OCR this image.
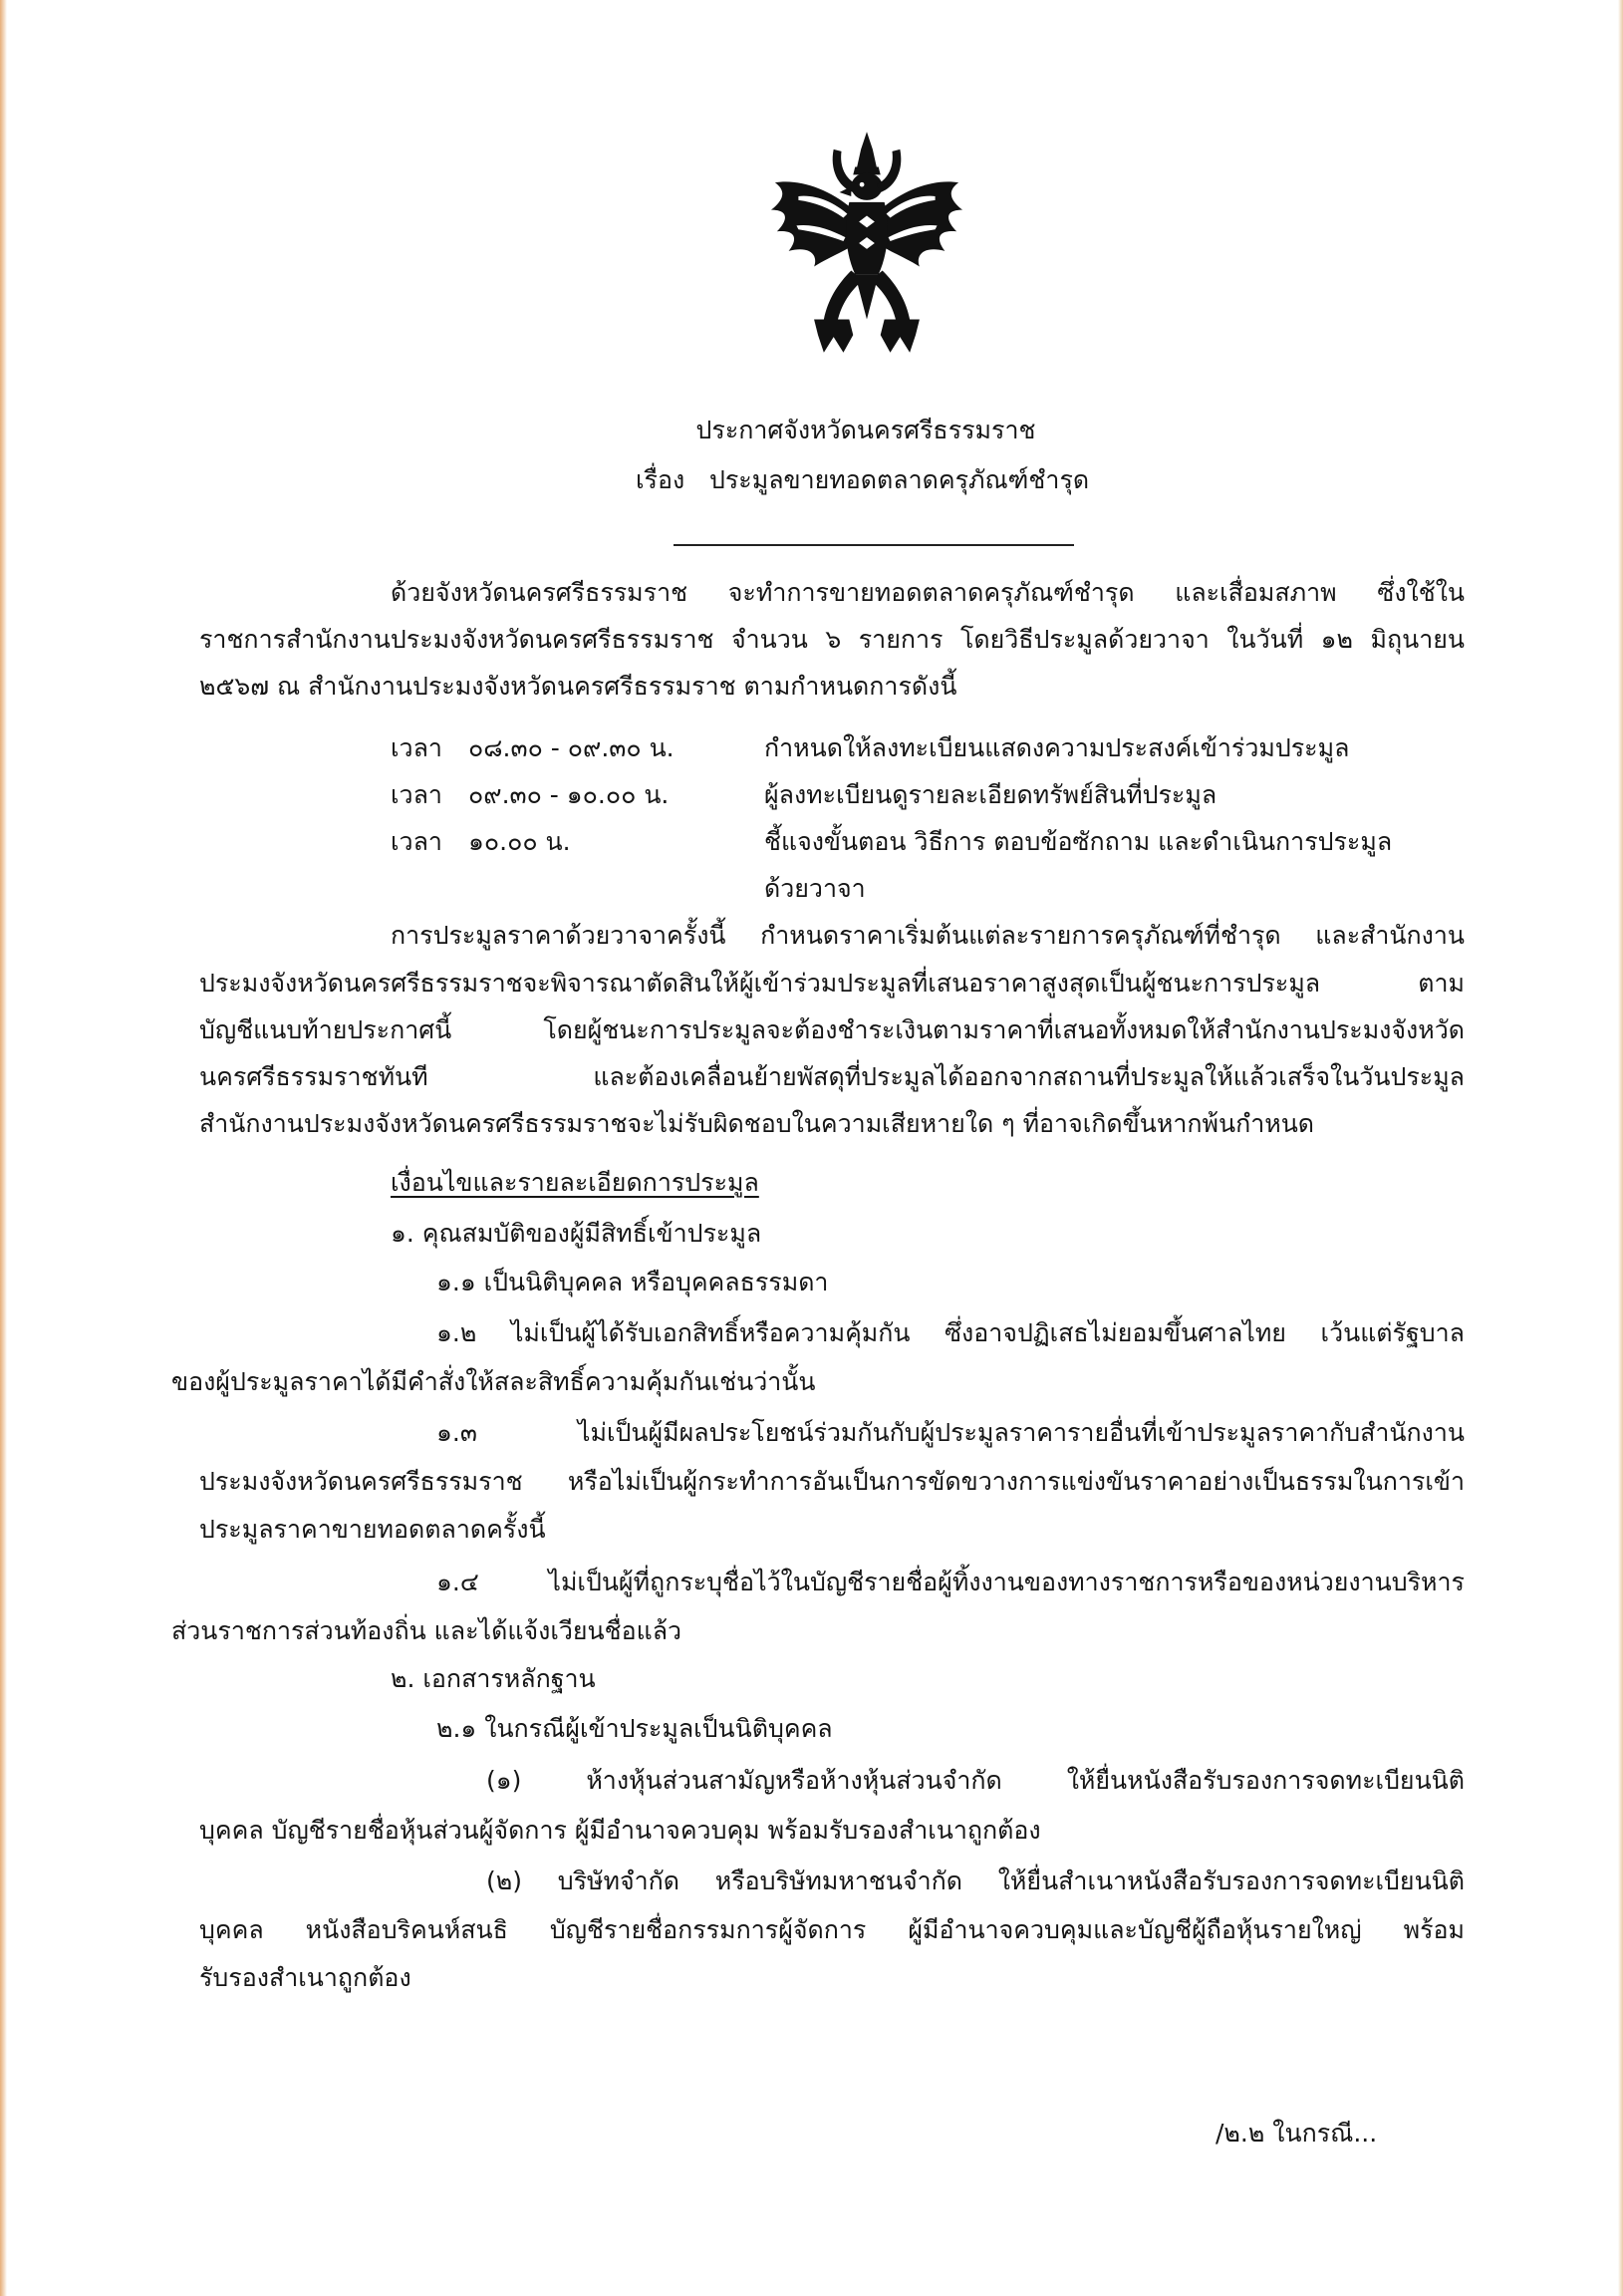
ประกาศจังหวัดนครศรีธรรมราช
เรื่อง ประมูลขายทอดตลาดครุภัณฑ์ชำรุด
ด้วยจังหวัดนครศรีธรรมราช จะทำการขายทอดตลาดครุภัณฑ์ชำรุด และเสื่อมสภาพ ซึ่งใช้ใน
ราชการสำนักงานประมงจังหวัดนครศรีธรรมราช จำนวน ๖ รายการ โดยวิธีประมูลด้วยวาจา ในวันที่ ๑๒ มิถุนายน
๒๕๖๗ ณ สำนักงานประมงจังหวัดนครศรีธรรมราช ตามกำหนดการดังนี้
เวลา ๐๘.๓๐ - ๐๙.๓๐ น.	กำหนดให้ลงทะเบียนแสดงความประสงค์เข้าร่วมประมูล
เวลา ๐๙.๓๐ - ๑๐.๐๐ น.	ผู้ลงทะเบียนดูรายละเอียดทรัพย์สินที่ประมูล
เวลา ๑๐.๐๐ น.	ชี้แจงขั้นตอน วิธีการ ตอบข้อซักถาม และดำเนินการประมูล
ด้วยวาจา
การประมูลราคาด้วยวาจาครั้งนี้ กำหนดราคาเริ่มต้นแต่ละรายการครุภัณฑ์ที่ชำรุด และสำนักงาน
ประมงจังหวัดนครศรีธรรมราชจะพิจารณาตัดสินให้ผู้เข้าร่วมประมูลที่เสนอราคาสูงสุดเป็นผู้ชนะการประมูล ตาม
บัญชีแนบท้ายประกาศนี้ โดยผู้ชนะการประมูลจะต้องชำระเงินตามราคาที่เสนอทั้งหมดให้สำนักงานประมงจังหวัด
นครศรีธรรมราชทันที และต้องเคลื่อนย้ายพัสดุที่ประมูลได้ออกจากสถานที่ประมูลให้แล้วเสร็จในวันประมูล
สำนักงานประมงจังหวัดนครศรีธรรมราชจะไม่รับผิดชอบในความเสียหายใด ๆ ที่อาจเกิดขึ้นหากพ้นกำหนด
เงื่อนไขและรายละเอียดการประมูล
๑. คุณสมบัติของผู้มีสิทธิ์เข้าประมูล
๑.๑ เป็นนิติบุคคล หรือบุคคลธรรมดา
๑.๒ ไม่เป็นผู้ได้รับเอกสิทธิ์หรือความคุ้มกัน ซึ่งอาจปฏิเสธไม่ยอมขึ้นศาลไทย เว้นแต่รัฐบาล
ของผู้ประมูลราคาได้มีคำสั่งให้สละสิทธิ์ความคุ้มกันเช่นว่านั้น
๑.๓ ไม่เป็นผู้มีผลประโยชน์ร่วมกันกับผู้ประมูลราคารายอื่นที่เข้าประมูลราคากับสำนักงาน
ประมงจังหวัดนครศรีธรรมราช หรือไม่เป็นผู้กระทำการอันเป็นการขัดขวางการแข่งขันราคาอย่างเป็นธรรมในการเข้า
ประมูลราคาขายทอดตลาดครั้งนี้
๑.๔ ไม่เป็นผู้ที่ถูกระบุชื่อไว้ในบัญชีรายชื่อผู้ทิ้งงานของทางราชการหรือของหน่วยงานบริหาร
ส่วนราชการส่วนท้องถิ่น และได้แจ้งเวียนชื่อแล้ว
๒. เอกสารหลักฐาน
๒.๑ ในกรณีผู้เข้าประมูลเป็นนิติบุคคล
(๑) ห้างหุ้นส่วนสามัญหรือห้างหุ้นส่วนจำกัด ให้ยื่นหนังสือรับรองการจดทะเบียนนิติ
บุคคล บัญชีรายชื่อหุ้นส่วนผู้จัดการ ผู้มีอำนาจควบคุม พร้อมรับรองสำเนาถูกต้อง
(๒) บริษัทจำกัด หรือบริษัทมหาชนจำกัด ให้ยื่นสำเนาหนังสือรับรองการจดทะเบียนนิติ
บุคคล หนังสือบริคนห์สนธิ บัญชีรายชื่อกรรมการผู้จัดการ ผู้มีอำนาจควบคุมและบัญชีผู้ถือหุ้นรายใหญ่ พร้อม
รับรองสำเนาถูกต้อง
/๒.๒ ในกรณี...
